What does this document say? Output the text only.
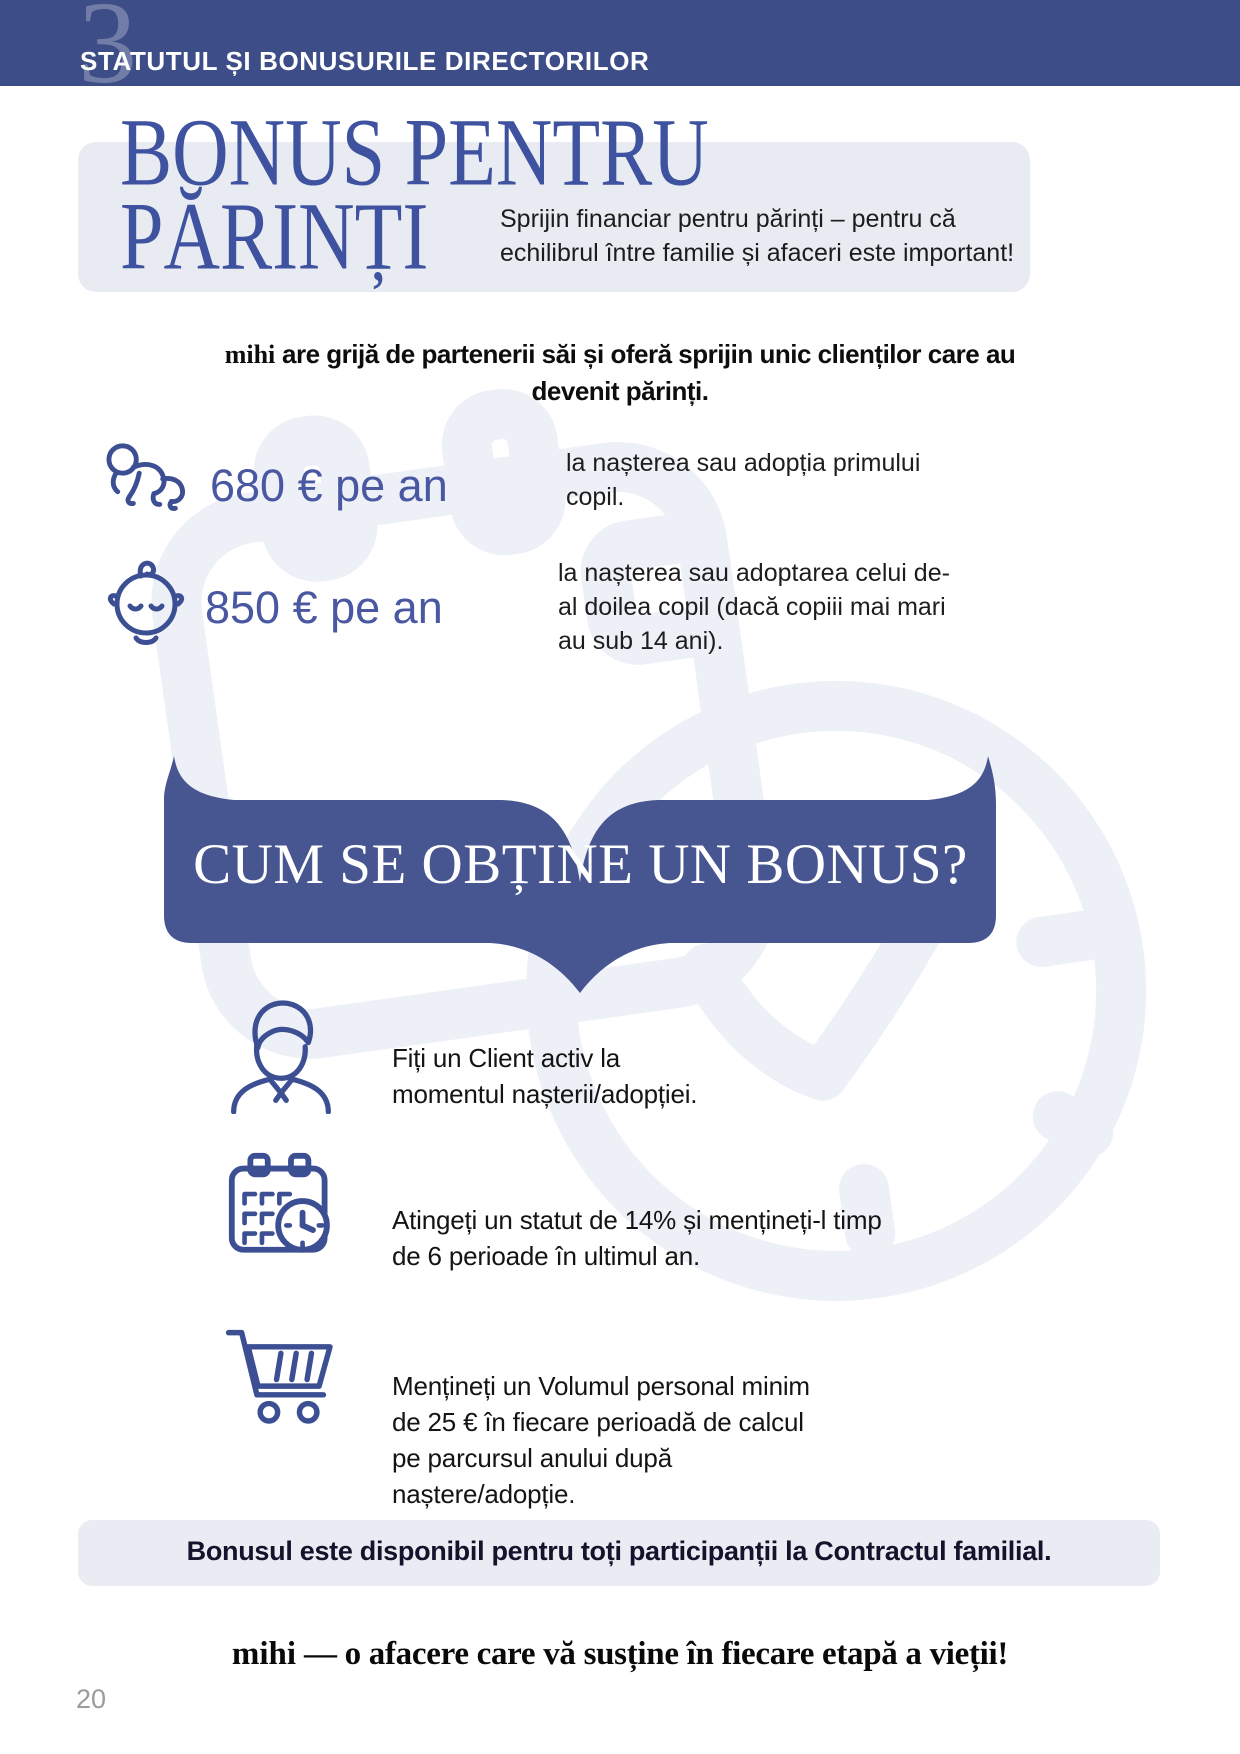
3
STATUTUL ȘI BONUSURILE DIRECTORILOR
BONUS PENTRU
PĂRINȚI	Sprijin financiar pentru părinți – pentru că
echilibrul între familie și afaceri este important!
mihi are grijă de partenerii săi și oferă sprijin unic clienților care au
devenit părinți.
680 € pe an	la nașterea sau adopția primului copil.
850 € pe an
la nașterea sau adoptarea celui de-al doilea copil (dacă copiii mai mari au sub 14 ani).
CUM SE OBȚINE UN BONUS?
Fiți un Client activ la momentul nașterii/adopției.
Atingeți un statut de 14% și mențineți-l timp de 6 perioade în ultimul an.
Mențineți un Volumul personal minim de 25 € în fiecare perioadă de calcul pe parcursul anului după naștere/adopție.
Bonusul este disponibil pentru toți participanții la Contractul familial.
mihi — o afacere care vă susține în fiecare etapă a vieții!
20
